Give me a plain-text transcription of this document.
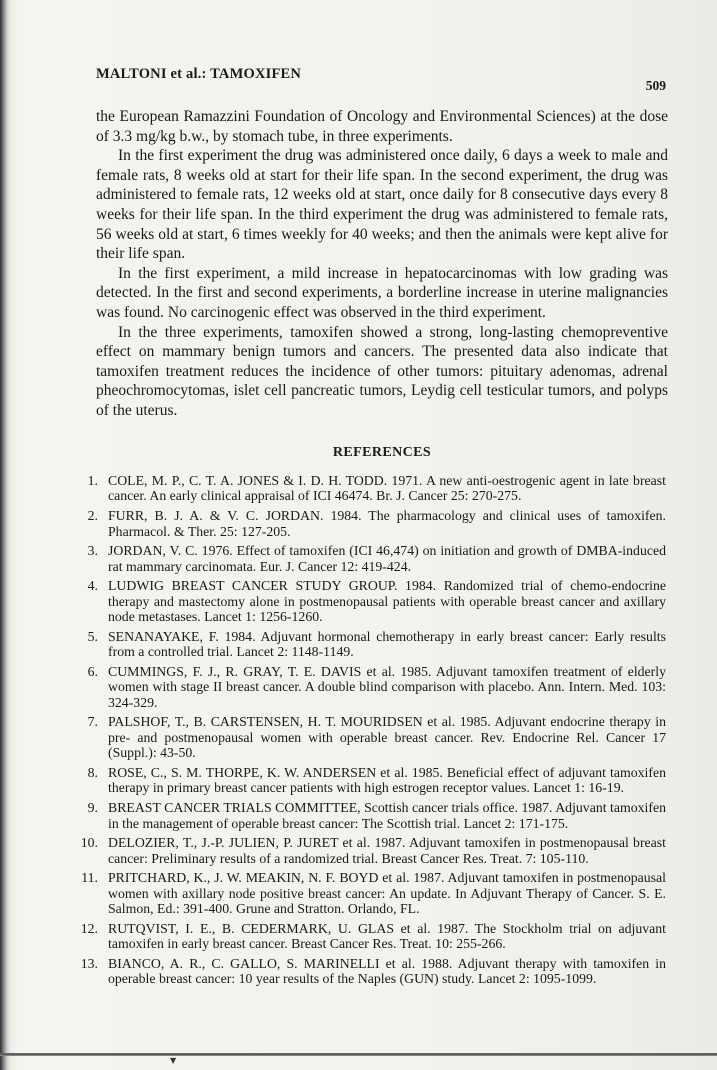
MALTONI et al.: TAMOXIFEN
509

the European Ramazzini Foundation of Oncology and Environmental Sciences) at the dose of 3.3 mg/kg b.w., by stomach tube, in three experiments.

In the first experiment the drug was administered once daily, 6 days a week to male and female rats, 8 weeks old at start for their life span. In the second experiment, the drug was administered to female rats, 12 weeks old at start, once daily for 8 consecutive days every 8 weeks for their life span. In the third experiment the drug was administered to female rats, 56 weeks old at start, 6 times weekly for 40 weeks; and then the animals were kept alive for their life span.

In the first experiment, a mild increase in hepatocarcinomas with low grading was detected. In the first and second experiments, a borderline increase in uterine malignancies was found. No carcinogenic effect was observed in the third experiment.

In the three experiments, tamoxifen showed a strong, long-lasting chemopreventive effect on mammary benign tumors and cancers. The presented data also indicate that tamoxifen treatment reduces the incidence of other tumors: pituitary adenomas, adrenal pheochromocytomas, islet cell pancreatic tumors, Leydig cell testicular tumors, and polyps of the uterus.

REFERENCES
1. COLE, M. P., C. T. A. JONES & I. D. H. TODD. 1971. A new anti-oestrogenic agent in late breast cancer. An early clinical appraisal of ICI 46474. Br. J. Cancer 25: 270-275.
2. FURR, B. J. A. & V. C. JORDAN. 1984. The pharmacology and clinical uses of tamoxifen. Pharmacol. & Ther. 25: 127-205.
3. JORDAN, V. C. 1976. Effect of tamoxifen (ICI 46,474) on initiation and growth of DMBA-induced rat mammary carcinomata. Eur. J. Cancer 12: 419-424.
4. LUDWIG BREAST CANCER STUDY GROUP. 1984. Randomized trial of chemo-endocrine therapy and mastectomy alone in postmenopausal patients with operable breast cancer and axillary node metastases. Lancet 1: 1256-1260.
5. SENANAYAKE, F. 1984. Adjuvant hormonal chemotherapy in early breast cancer: Early results from a controlled trial. Lancet 2: 1148-1149.
6. CUMMINGS, F. J., R. GRAY, T. E. DAVIS et al. 1985. Adjuvant tamoxifen treatment of elderly women with stage II breast cancer. A double blind comparison with placebo. Ann. Intern. Med. 103: 324-329.
7. PALSHOF, T., B. CARSTENSEN, H. T. MOURIDSEN et al. 1985. Adjuvant endocrine therapy in pre- and postmenopausal women with operable breast cancer. Rev. Endocrine Rel. Cancer 17 (Suppl.): 43-50.
8. ROSE, C., S. M. THORPE, K. W. ANDERSEN et al. 1985. Beneficial effect of adjuvant tamoxifen therapy in primary breast cancer patients with high estrogen receptor values. Lancet 1: 16-19.
9. BREAST CANCER TRIALS COMMITTEE, Scottish cancer trials office. 1987. Adjuvant tamoxifen in the management of operable breast cancer: The Scottish trial. Lancet 2: 171-175.
10. DELOZIER, T., J.-P. JULIEN, P. JURET et al. 1987. Adjuvant tamoxifen in postmenopausal breast cancer: Preliminary results of a randomized trial. Breast Cancer Res. Treat. 7: 105-110.
11. PRITCHARD, K., J. W. MEAKIN, N. F. BOYD et al. 1987. Adjuvant tamoxifen in postmenopausal women with axillary node positive breast cancer: An update. In Adjuvant Therapy of Cancer. S. E. Salmon, Ed.: 391-400. Grune and Stratton. Orlando, FL.
12. RUTQVIST, I. E., B. CEDERMARK, U. GLAS et al. 1987. The Stockholm trial on adjuvant tamoxifen in early breast cancer. Breast Cancer Res. Treat. 10: 255-266.
13. BIANCO, A. R., C. GALLO, S. MARINELLI et al. 1988. Adjuvant therapy with tamoxifen in operable breast cancer: 10 year results of the Naples (GUN) study. Lancet 2: 1095-1099.
▼
